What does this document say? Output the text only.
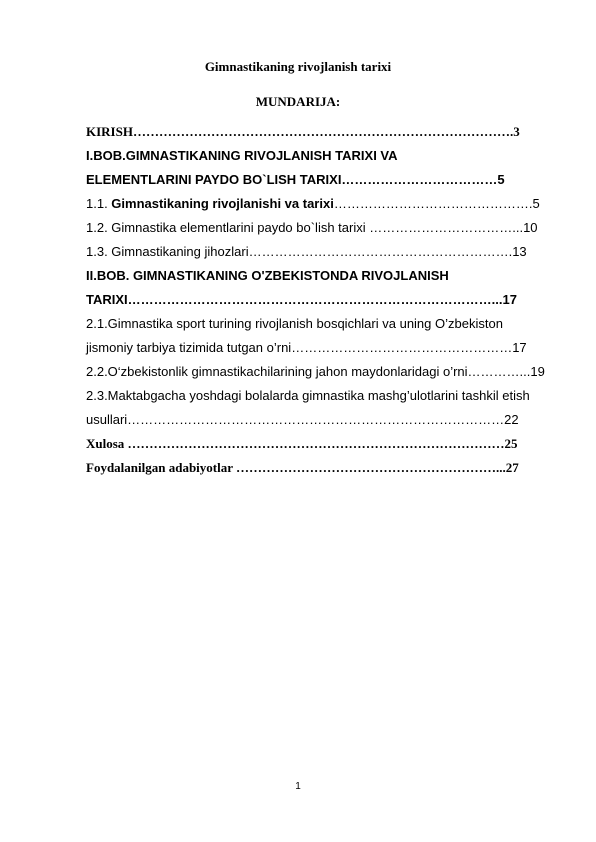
Gimnastikaning rivojlanish tarixi
MUNDARIJA:
KIRISH…………………………………………………………………………….3
I.BOB.GIMNASTIKANING RIVOJLANISH TARIXI VA
ELEMENTLARINI PAYDO BO`LISH TARIXI………………………………5
1.1. Gimnastikaning rivojlanishi va tarixi……………………………………….5
1.2. Gimnastika elementlarini paydo bo`lish tarixi ……………………………...10
1.3. Gimnastikaning jihozlari…………………………………………………….13
II.BOB. GIMNASTIKANING O'ZBEKISTONDA RIVOJLANISH
TARIXI…………………………………………………………………………...17
2.1.Gimnastika sport turining rivojlanish bosqichlari va uning O’zbekiston
jismoniy tarbiya tizimida tutgan o’rni……………………………………………17
2.2.O‘zbekistonlik gimnastikachilarining jahon maydonlaridagi o’rni…………...19
2.3.Maktabgacha yoshdagi bolalarda gimnastika mashg’ulotlarini tashkil etish
usullari……………………………………………………………………………22
Xulosa ……………………………………………………………………………25
Foydalanilgan adabiyotlar ……………………………………………………...27
1
